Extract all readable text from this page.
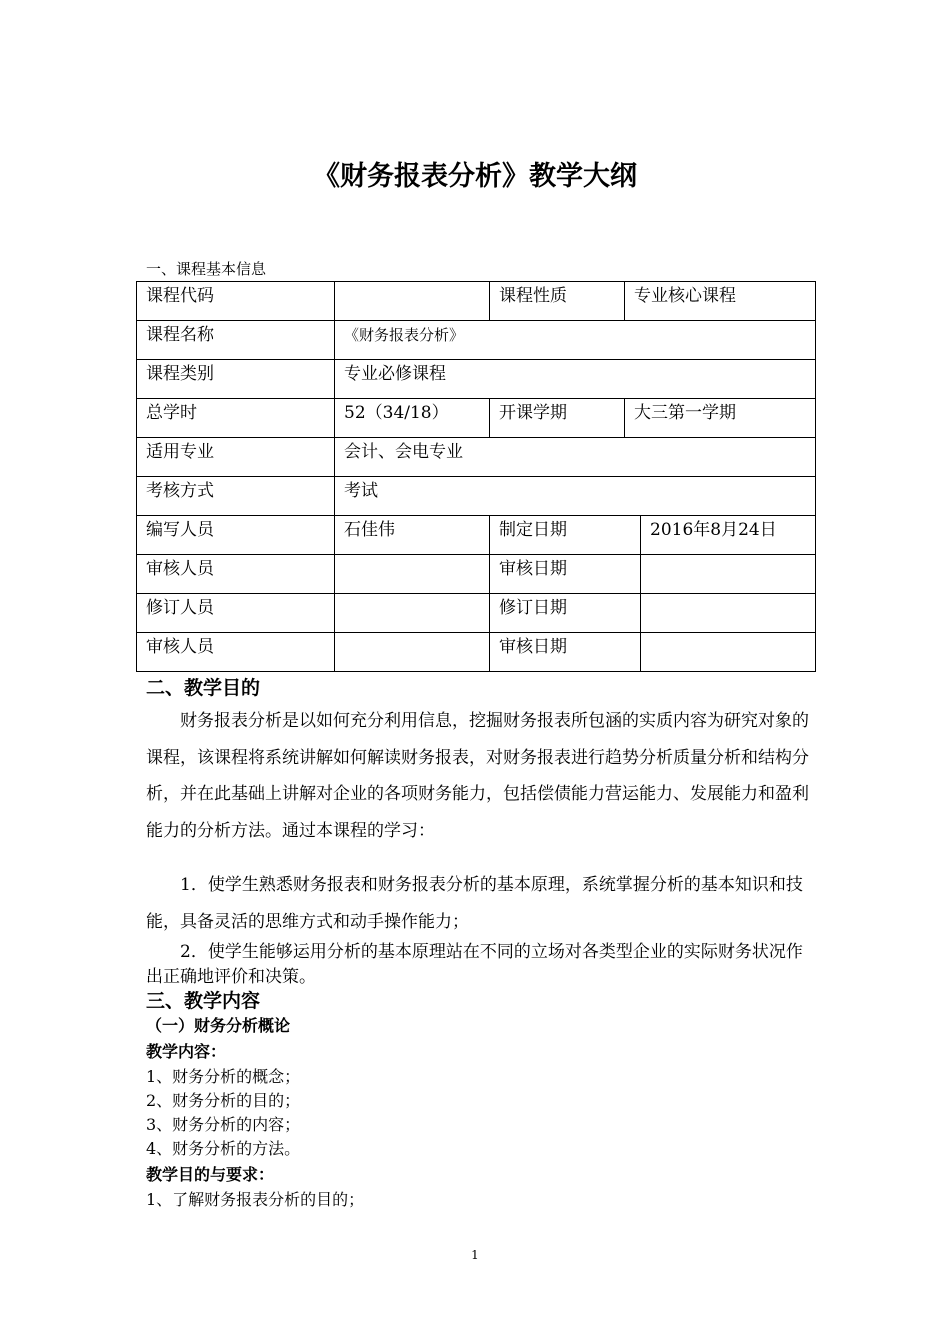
《财务报表分析》教学大纲
一、课程基本信息
课程代码		课程性质	专业核心课程	
课程名称	《财务报表分析》			
课程类别	专业必修课程			
总学时	52（34/18）	开课学期	大三第一学期	
适用专业	会计、会电专业			
考核方式	考试			
编写人员	石佳伟	制定日期		2016年8月24日
审核人员		审核日期		
修订人员		修订日期		
审核人员		审核日期		
二、教学目的
财务报表分析是以如何充分利用信息，挖掘财务报表所包涵的实质内容为研究对象的课程，该课程将系统讲解如何解读财务报表，对财务报表进行趋势分析质量分析和结构分析，并在此基础上讲解对企业的各项财务能力，包括偿债能力营运能力、发展能力和盈利能力的分析方法。通过本课程的学习：
1．使学生熟悉财务报表和财务报表分析的基本原理，系统掌握分析的基本知识和技能，具备灵活的思维方式和动手操作能力；
2．使学生能够运用分析的基本原理站在不同的立场对各类型企业的实际财务状况作出正确地评价和决策。
三、教学内容
（一）财务分析概论
教学内容：
1、财务分析的概念；
2、财务分析的目的；
3、财务分析的内容；
4、财务分析的方法。
教学目的与要求：
1、了解财务报表分析的目的；
1
